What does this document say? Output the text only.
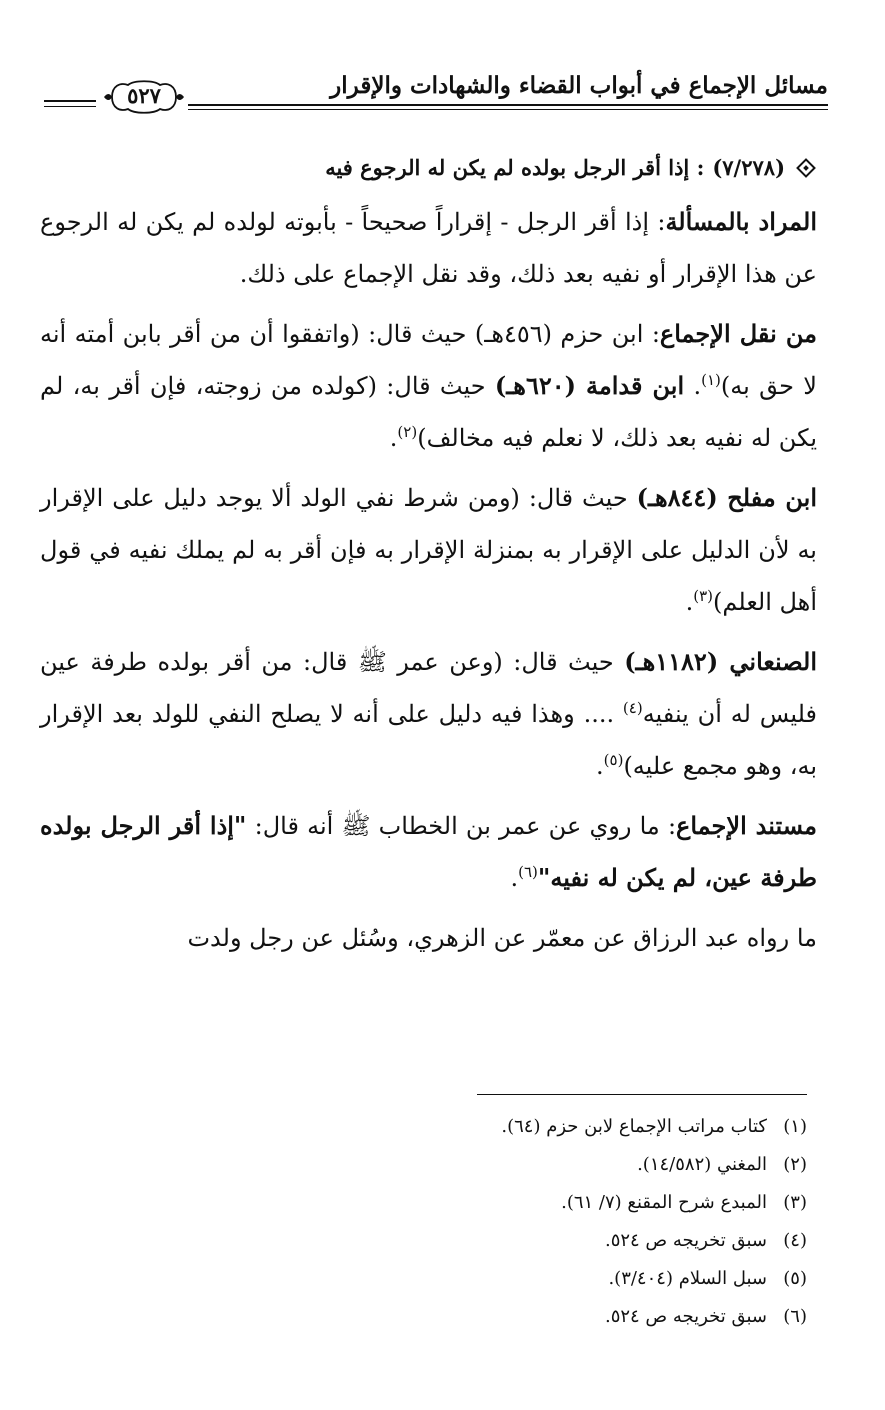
مسائل الإجماع في أبواب القضاء والشهادات والإقرار
٥٢٧
(٧/٢٧٨)
: إذا أقر الرجل بولده لم يكن له الرجوع فيه

المراد بالمسألة: إذا أقر الرجل - إقراراً صحيحاً - بأبوته لولده لم يكن له الرجوع عن هذا الإقرار أو نفيه بعد ذلك، وقد نقل الإجماع على ذلك.

من نقل الإجماع: ابن حزم (٤٥٦هـ) حيث قال: (واتفقوا أن من أقر بابن أمته أنه لا حق به)$^{(١)}$. ابن قدامة (٦٢٠هـ) حيث قال: (كولده من زوجته، فإن أقر به، لم يكن له نفيه بعد ذلك، لا نعلم فيه مخالف)$^{(٢)}$.

ابن مفلح (٨٤٤هـ) حيث قال: (ومن شرط نفي الولد ألا يوجد دليل على الإقرار به لأن الدليل على الإقرار به بمنزلة الإقرار به فإن أقر به لم يملك نفيه في قول أهل العلم)$^{(٣)}$.

الصنعاني (١١٨٢هـ) حيث قال: (وعن عمر ﷺ قال: من أقر بولده طرفة عين فليس له أن ينفيه$^{(٤)}$ .... وهذا فيه دليل على أنه لا يصلح النفي للولد بعد الإقرار به، وهو مجمع عليه)$^{(٥)}$.

مستند الإجماع: ما روي عن عمر بن الخطاب ﷺ أنه قال: "إذا أقر الرجل بولده طرفة عين، لم يكن له نفيه"$^{(٦)}$.

ما رواه عبد الرزاق عن معمّر عن الزهري، وسُئل عن رجل ولدت

(١)كتاب مراتب الإجماع لابن حزم (٦٤).
(٢)المغني (١٤/٥٨٢).
(٣)المبدع شرح المقنع (٧/ ٦١).
(٤)سبق تخريجه ص ٥٢٤.
(٥)سبل السلام (٣/٤٠٤).
(٦)سبق تخريجه ص ٥٢٤.
